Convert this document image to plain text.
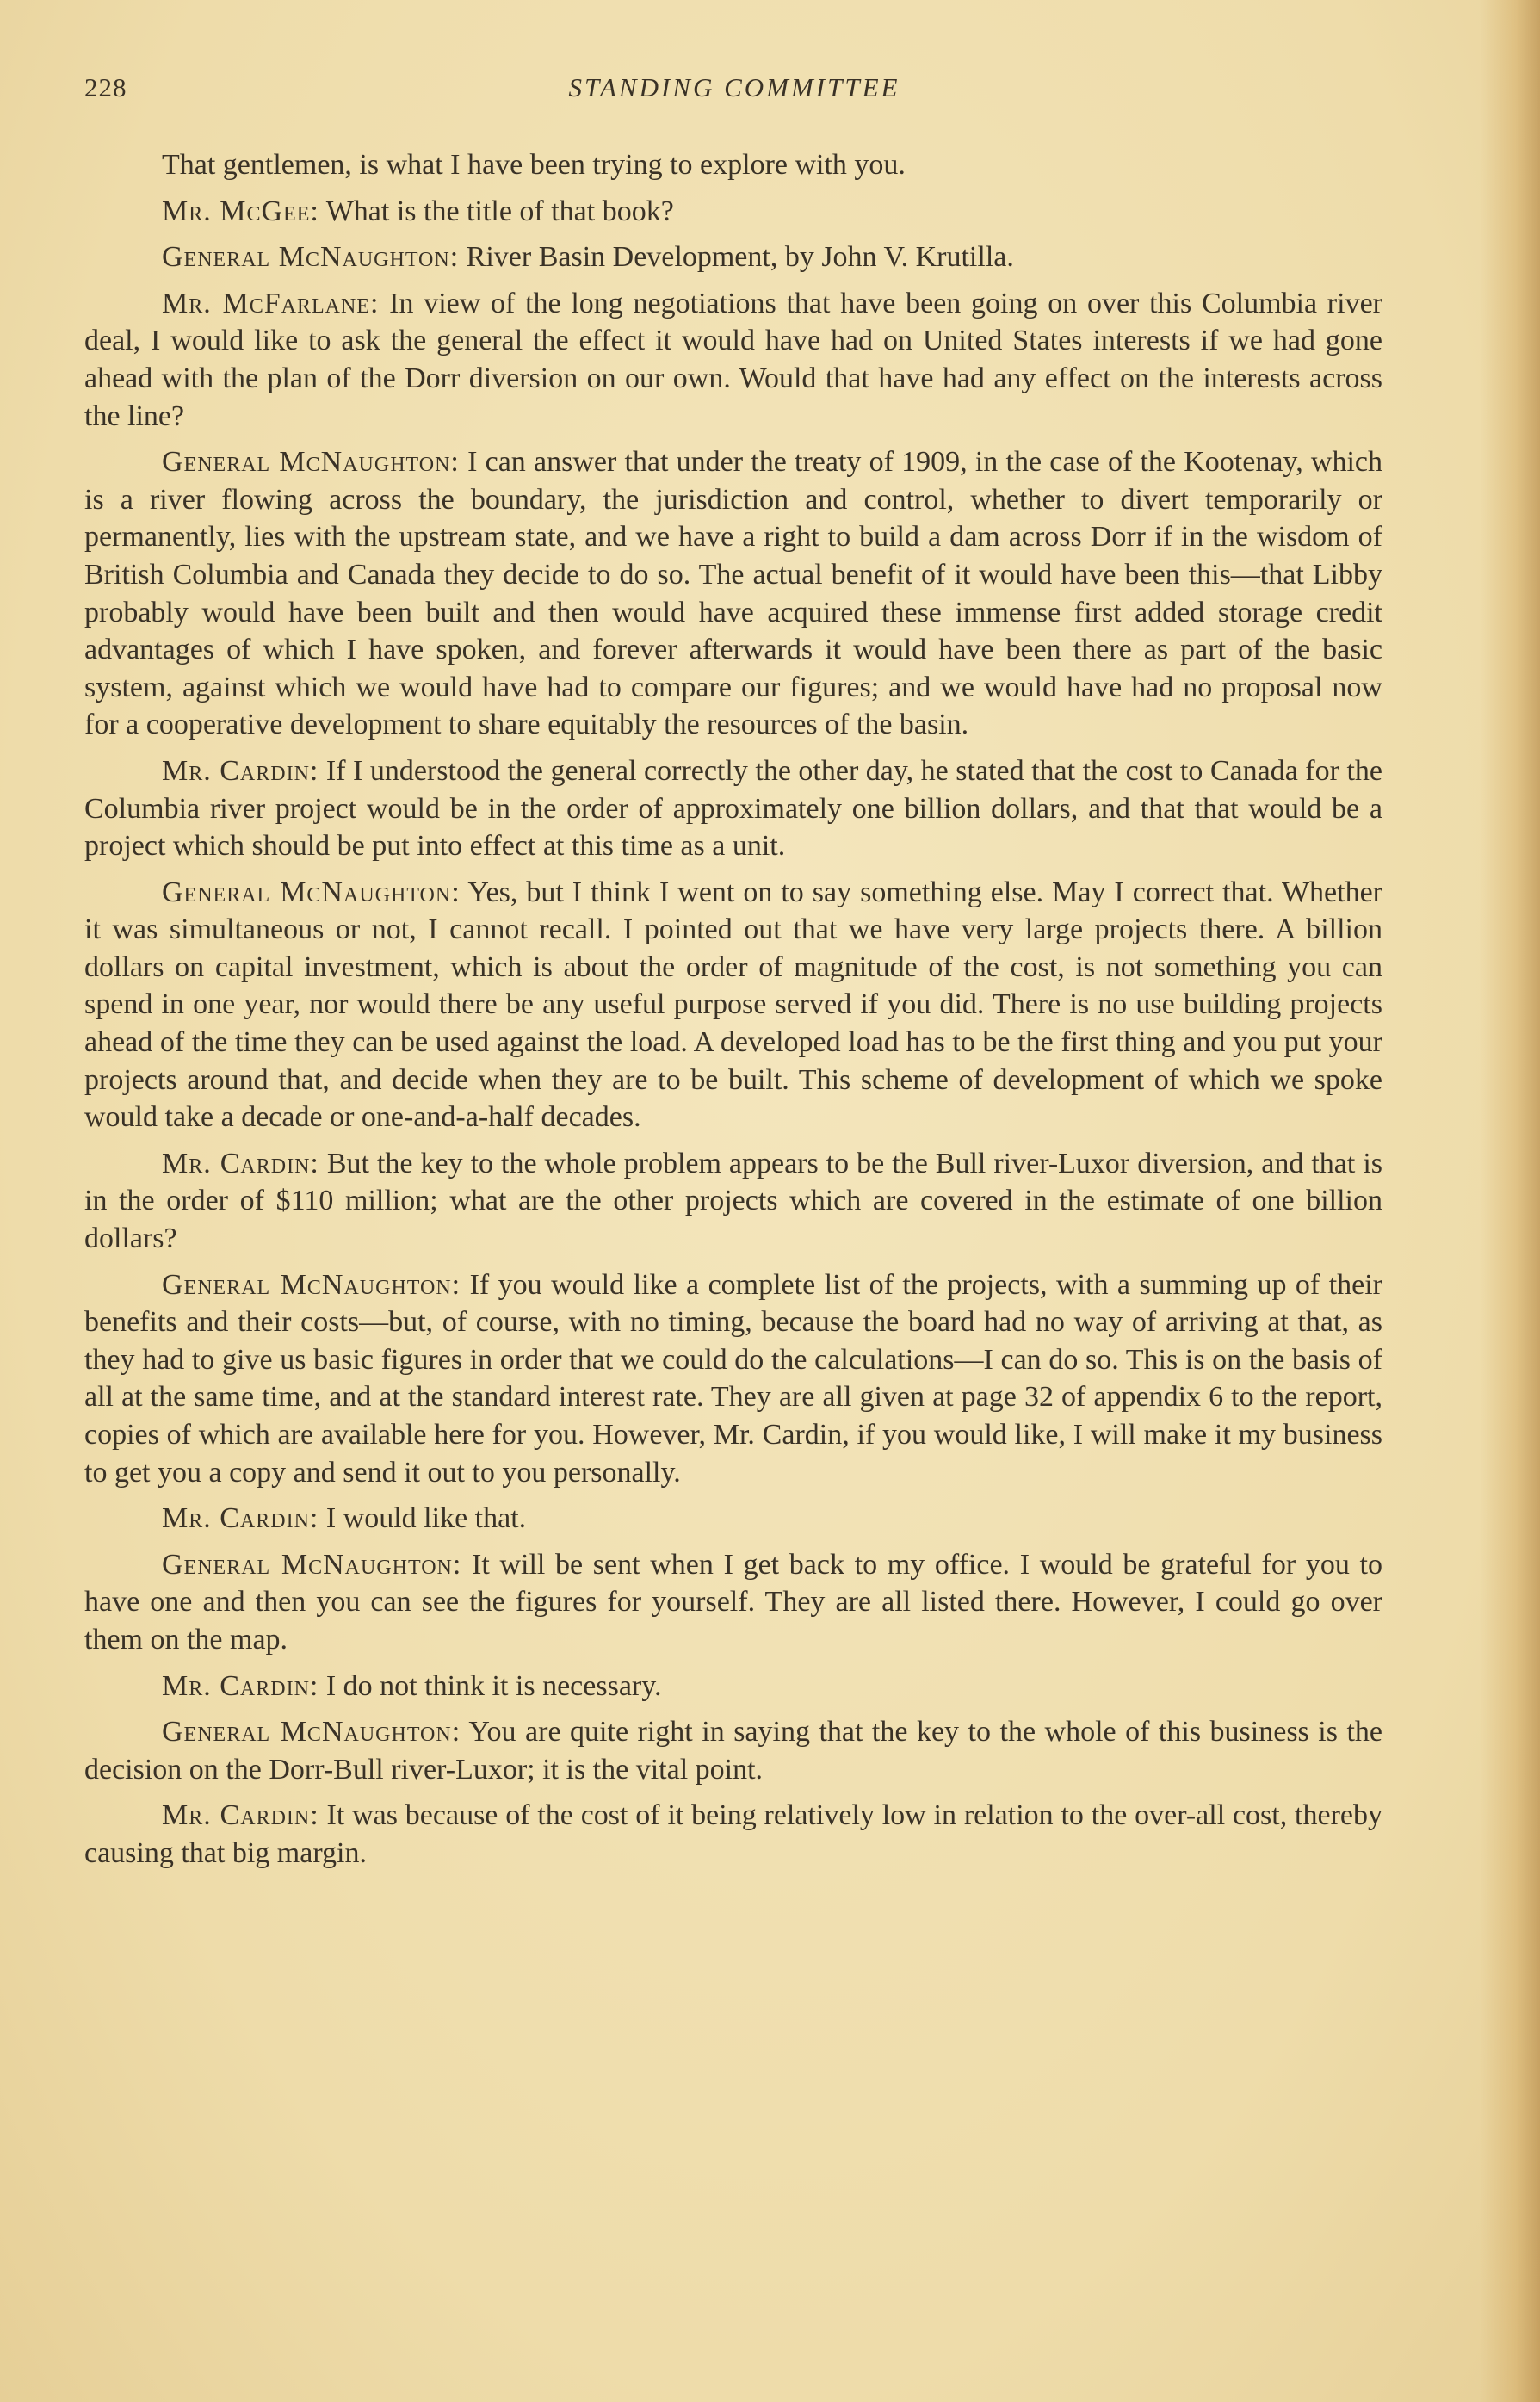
228	STANDING COMMITTEE

That gentlemen, is what I have been trying to explore with you.

Mr. McGee: What is the title of that book?

General McNaughton: River Basin Development, by John V. Krutilla.

Mr. McFarlane: In view of the long negotiations that have been going on over this Columbia river deal, I would like to ask the general the effect it would have had on United States interests if we had gone ahead with the plan of the Dorr diversion on our own. Would that have had any effect on the interests across the line?

General McNaughton: I can answer that under the treaty of 1909, in the case of the Kootenay, which is a river flowing across the boundary, the jurisdiction and control, whether to divert temporarily or permanently, lies with the upstream state, and we have a right to build a dam across Dorr if in the wisdom of British Columbia and Canada they decide to do so. The actual benefit of it would have been this—that Libby probably would have been built and then would have acquired these immense first added storage credit advantages of which I have spoken, and forever afterwards it would have been there as part of the basic system, against which we would have had to compare our figures; and we would have had no proposal now for a cooperative development to share equitably the resources of the basin.

Mr. Cardin: If I understood the general correctly the other day, he stated that the cost to Canada for the Columbia river project would be in the order of approximately one billion dollars, and that that would be a project which should be put into effect at this time as a unit.

General McNaughton: Yes, but I think I went on to say something else. May I correct that. Whether it was simultaneous or not, I cannot recall. I pointed out that we have very large projects there. A billion dollars on capital investment, which is about the order of magnitude of the cost, is not something you can spend in one year, nor would there be any useful purpose served if you did. There is no use building projects ahead of the time they can be used against the load. A developed load has to be the first thing and you put your projects around that, and decide when they are to be built. This scheme of development of which we spoke would take a decade or one-and-a-half decades.

Mr. Cardin: But the key to the whole problem appears to be the Bull river-Luxor diversion, and that is in the order of $110 million; what are the other projects which are covered in the estimate of one billion dollars?

General McNaughton: If you would like a complete list of the projects, with a summing up of their benefits and their costs—but, of course, with no timing, because the board had no way of arriving at that, as they had to give us basic figures in order that we could do the calculations—I can do so. This is on the basis of all at the same time, and at the standard interest rate. They are all given at page 32 of appendix 6 to the report, copies of which are available here for you. However, Mr. Cardin, if you would like, I will make it my business to get you a copy and send it out to you personally.

Mr. Cardin: I would like that.

General McNaughton: It will be sent when I get back to my office. I would be grateful for you to have one and then you can see the figures for yourself. They are all listed there. However, I could go over them on the map.

Mr. Cardin: I do not think it is necessary.

General McNaughton: You are quite right in saying that the key to the whole of this business is the decision on the Dorr-Bull river-Luxor; it is the vital point.

Mr. Cardin: It was because of the cost of it being relatively low in relation to the over-all cost, thereby causing that big margin.
